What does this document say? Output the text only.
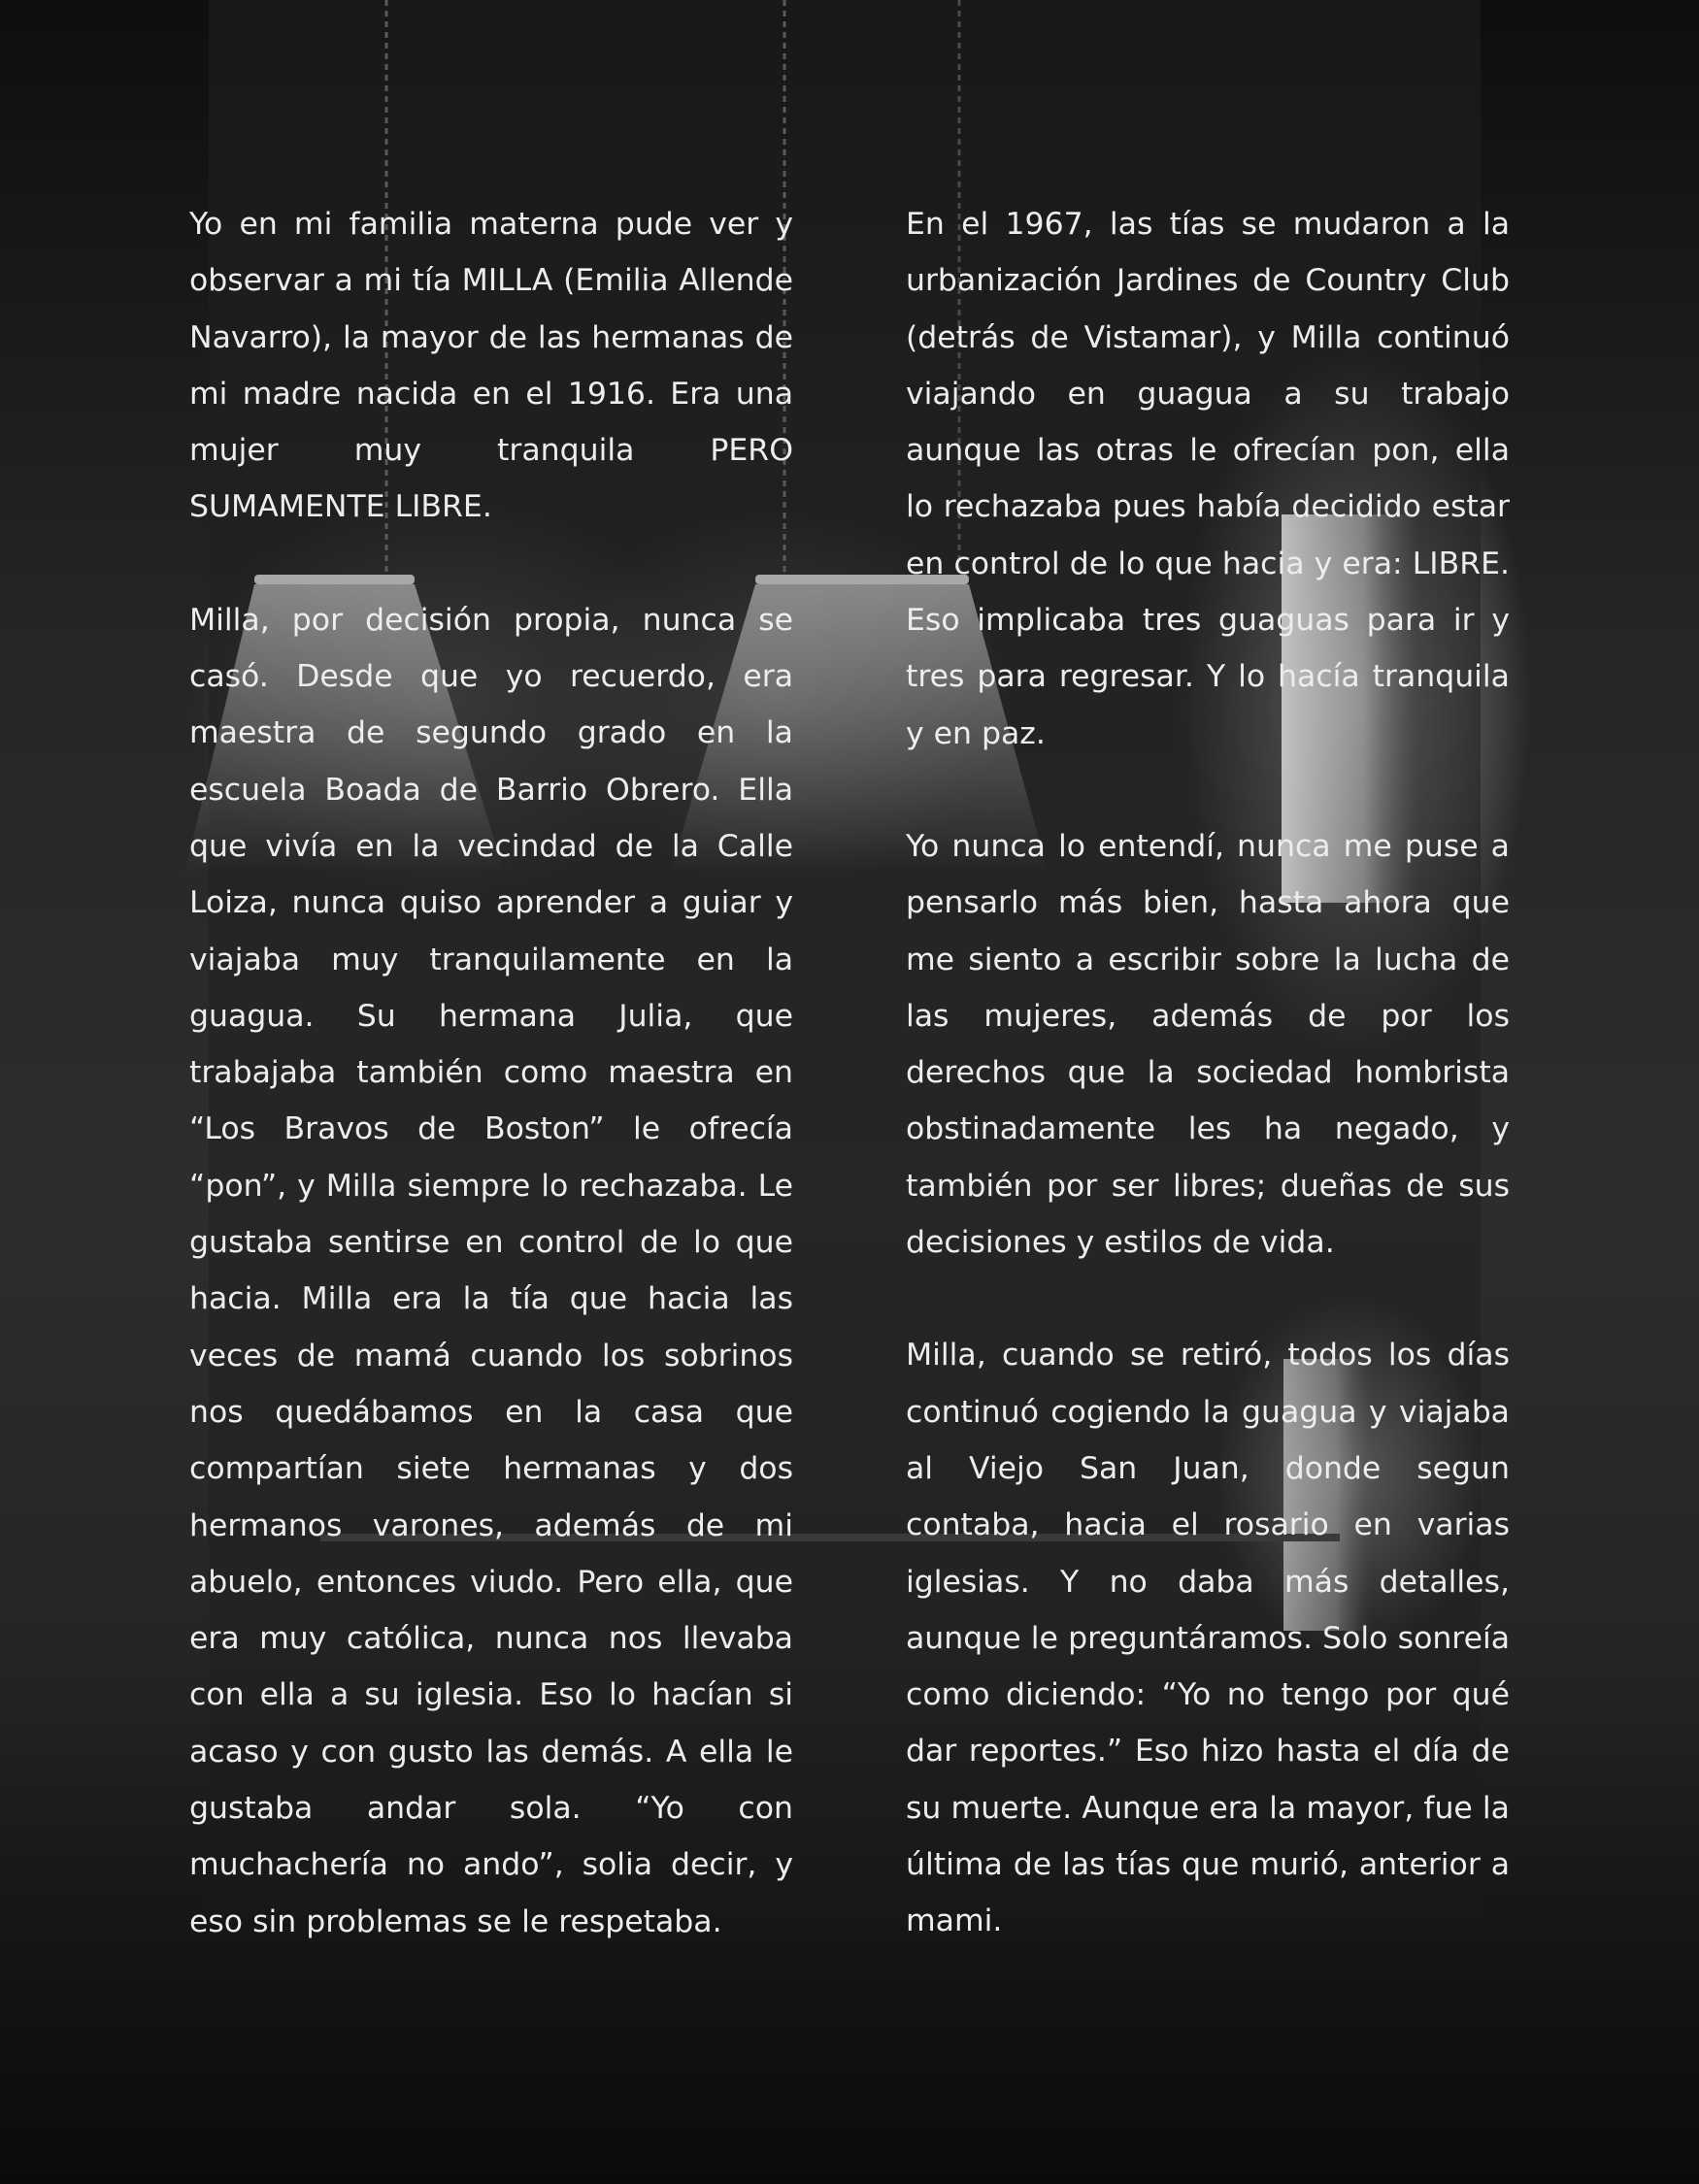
Yo en mi familia materna pude ver y observar a mi tía MILLA (Emilia Allende Navarro), la mayor de las hermanas de mi madre nacida en el 1916. Era una mujer muy tranquila PERO SUMAMENTE LIBRE.

Milla, por decisión propia, nunca se casó. Desde que yo recuerdo, era maestra de segundo grado en la escuela Boada de Barrio Obrero. Ella que vivía en la vecindad de la Calle Loiza, nunca quiso aprender a guiar y viajaba muy tranquilamente en la guagua. Su hermana Julia, que trabajaba también como maestra en “Los Bravos de Boston” le ofrecía “pon”, y Milla siempre lo rechazaba. Le gustaba sentirse en control de lo que hacia. Milla era la tía que hacia las veces de mamá cuando los sobrinos nos quedábamos en la casa que compartían siete hermanas y dos hermanos varones, además de mi abuelo, entonces viudo. Pero ella, que era muy católica, nunca nos llevaba con ella a su iglesia. Eso lo hacían si acaso y con gusto las demás. A ella le gustaba andar sola. “Yo con muchachería no ando”, solia decir, y eso sin problemas se le respetaba.

En el 1967, las tías se mudaron a la urbanización Jardines de Country Club (detrás de Vistamar), y Milla continuó viajando en guagua a su trabajo aunque las otras le ofrecían pon, ella lo rechazaba pues había decidido estar en control de lo que hacia y era: LIBRE. Eso implicaba tres guaguas para ir y tres para regresar. Y lo hacía tranquila y en paz.

Yo nunca lo entendí, nunca me puse a pensarlo más bien, hasta ahora que me siento a escribir sobre la lucha de las mujeres, además de por los derechos que la sociedad hombrista obstinadamente les ha negado, y también por ser libres; dueñas de sus decisiones y estilos de vida.

Milla, cuando se retiró, todos los días continuó cogiendo la guagua y viajaba al Viejo San Juan, donde segun contaba, hacia el rosario en varias iglesias. Y no daba más detalles, aunque le preguntáramos. Solo sonreía como diciendo: “Yo no tengo por qué dar reportes.” Eso hizo hasta el día de su muerte. Aunque era la mayor, fue la última de las tías que murió, anterior a mami.
